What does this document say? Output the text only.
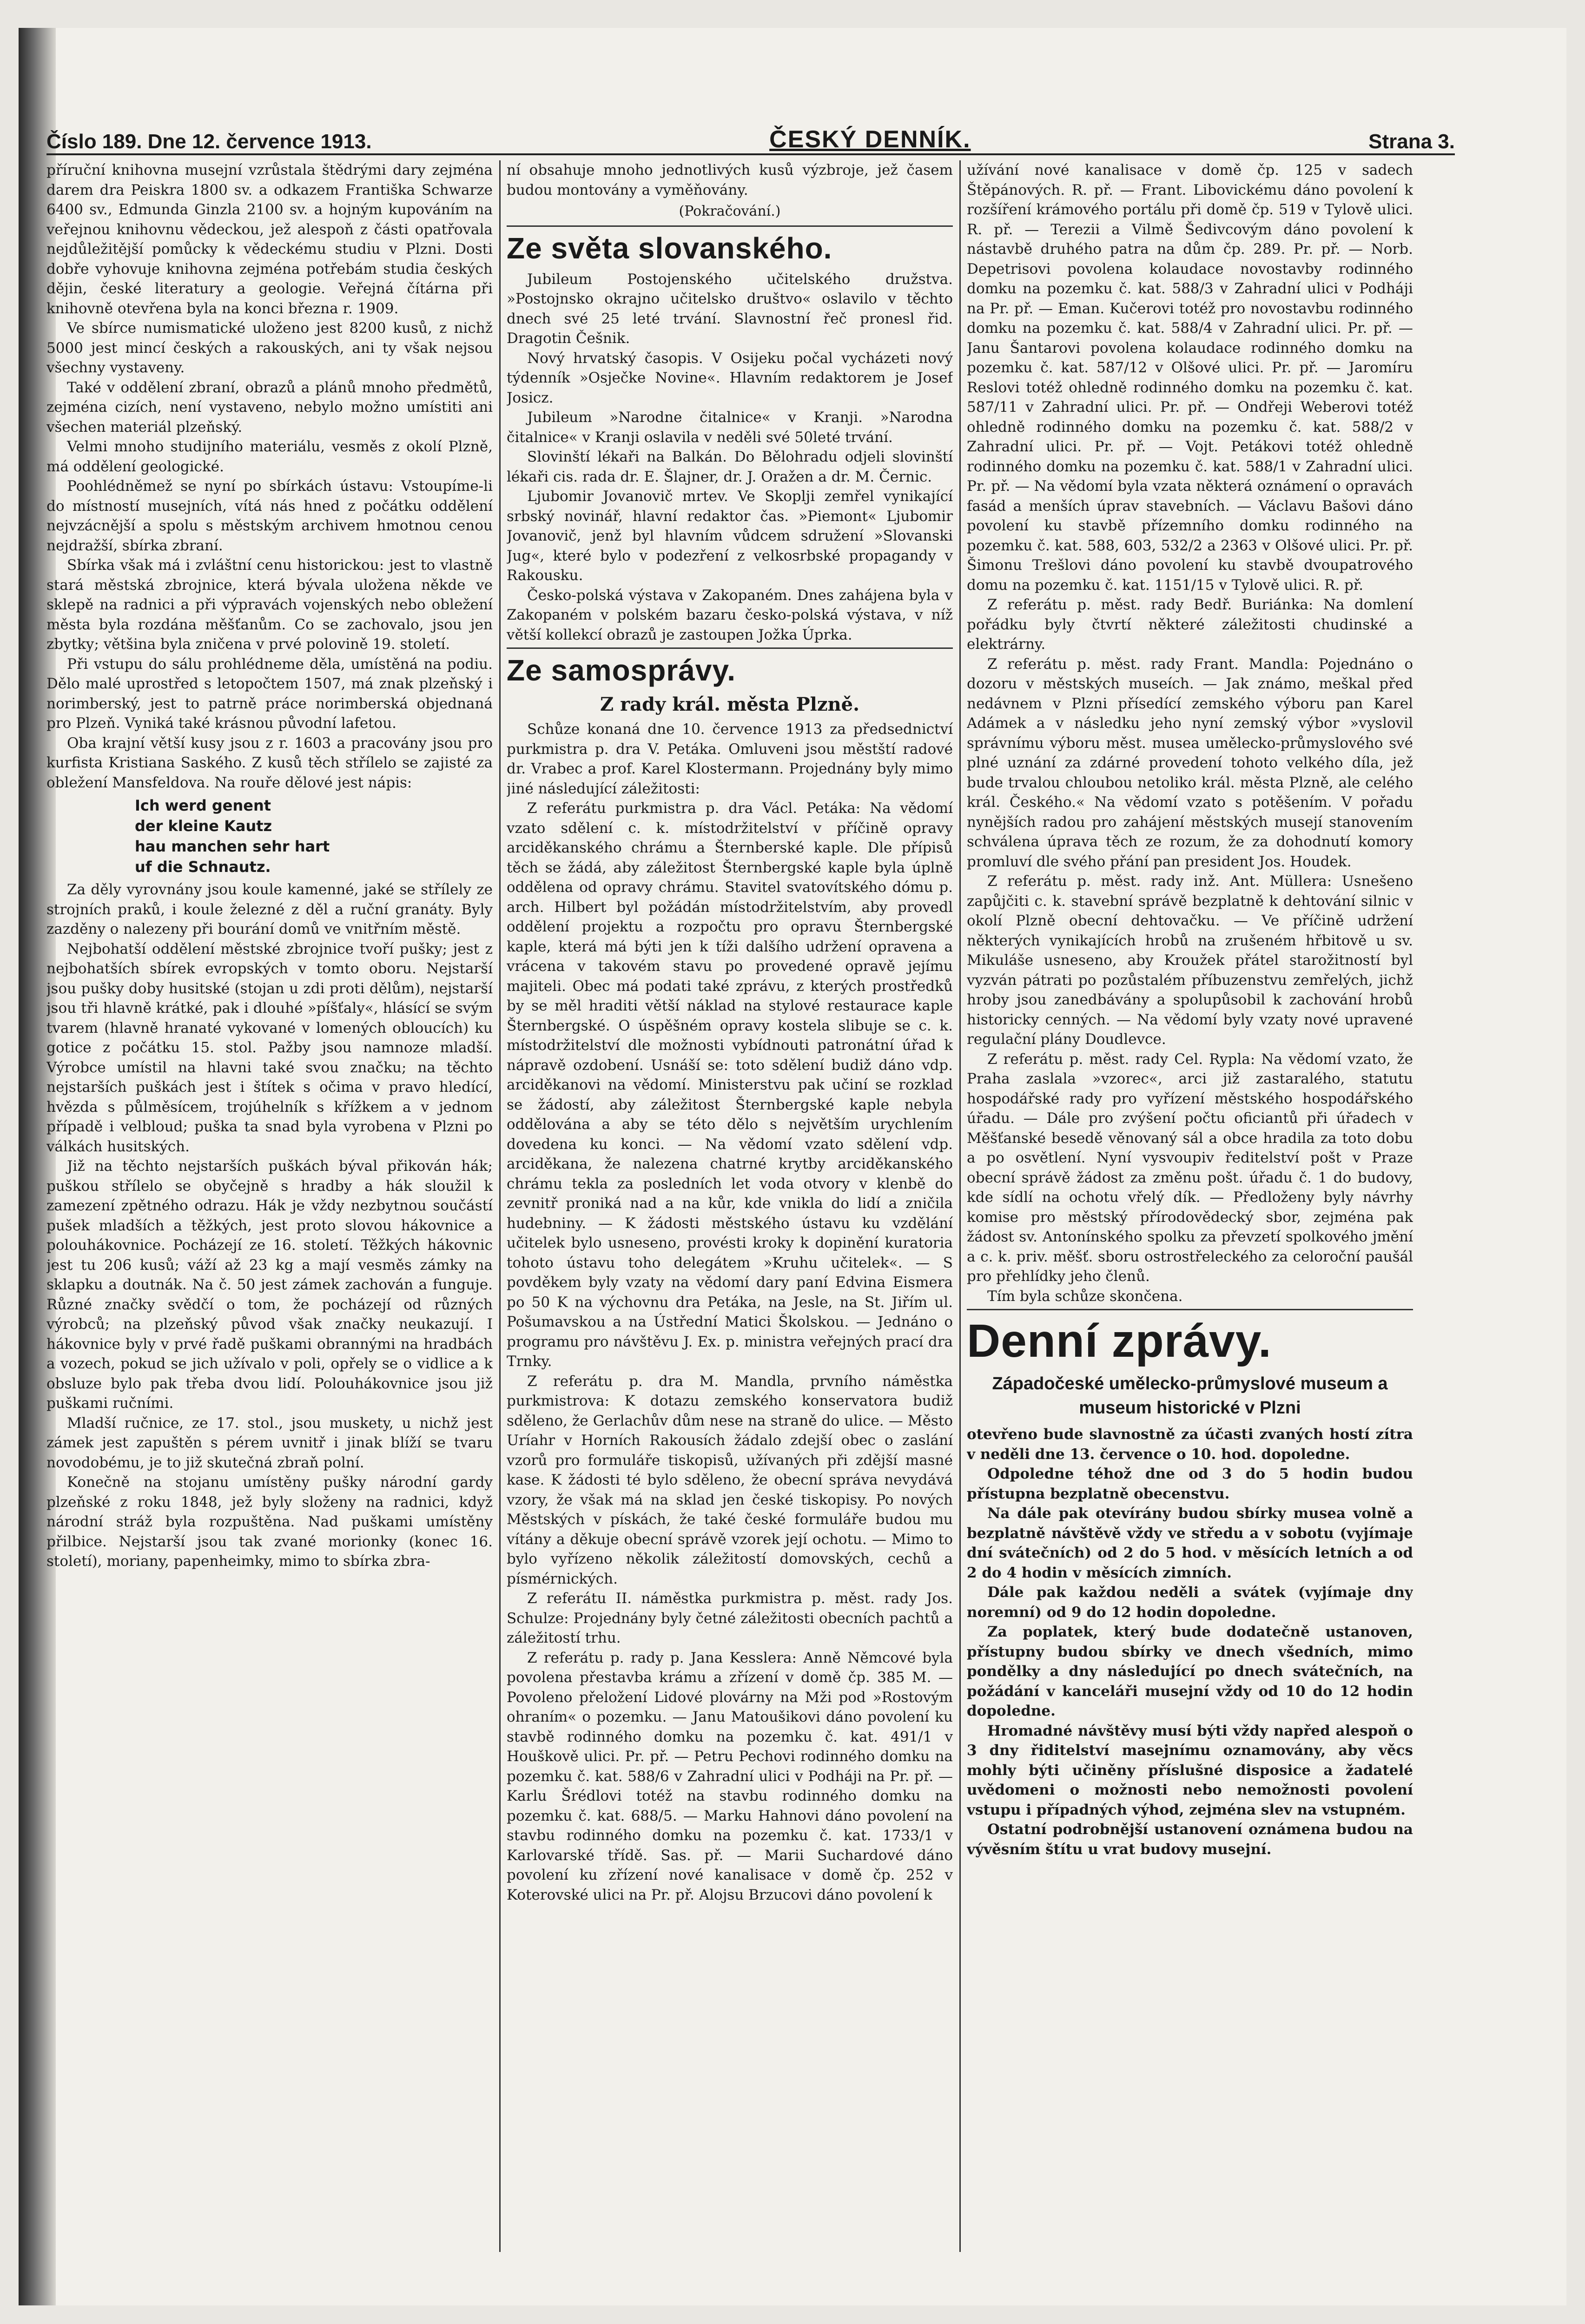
Číslo 189. Dne 12. července 1913.	ČESKÝ DENNÍK.	Strana 3.

příruční knihovna musejní vzrůstala štědrými dary zejména darem dra Peiskra 1800 sv. a odkazem Františka Schwarze 6400 sv., Edmunda Ginzla 2100 sv. a hojným kupováním na veřejnou knihovnu vědeckou, jež alespoň z části opatřovala nejdůležitější pomůcky k vědeckému studiu v Plzni. Dosti dobře vyhovuje knihovna zejména potřebám studia českých dějin, české literatury a geologie. Veřejná čítárna při knihovně otevřena byla na konci března r. 1909.

Ve sbírce numismatické uloženo jest 8200 kusů, z nichž 5000 jest mincí českých a rakouských, ani ty však nejsou všechny vystaveny.

Také v oddělení zbraní, obrazů a plánů mnoho předmětů, zejména cizích, není vystaveno, nebylo možno umístiti ani všechen materiál plzeňský.

Velmi mnoho studijního materiálu, vesměs z okolí Plzně, má oddělení geologické.

Poohlédněmež se nyní po sbírkách ústavu: Vstoupíme-li do místností musejních, vítá nás hned z počátku oddělení nejvzácnější a spolu s městským archivem hmotnou cenou nejdražší, sbírka zbraní.

Sbírka však má i zvláštní cenu historickou: jest to vlastně stará městská zbrojnice, která bývala uložena někde ve sklepě na radnici a při výpravách vojenských nebo obležení města byla rozdána měšťanům. Co se zachovalo, jsou jen zbytky; většina byla zničena v prvé polovině 19. století.

Při vstupu do sálu prohlédneme děla, umístěná na podiu. Dělo malé uprostřed s letopočtem 1507, má znak plzeňský i norimberský, jest to patrně práce norimberská objednaná pro Plzeň. Vyniká také krásnou původní lafetou.

Oba krajní větší kusy jsou z r. 1603 a pracovány jsou pro kurfista Kristiana Saského. Z kusů těch střílelo se zajisté za obležení Mansfeldova. Na rouře dělové jest nápis:

Ich werd genent
der kleine Kautz
hau manchen sehr hart
uf die Schnautz.

Za děly vyrovnány jsou koule kamenné, jaké se střílely ze strojních praků, i koule železné z děl a ruční granáty. Byly zazděny o nalezeny při bourání domů ve vnitřním městě.

Nejbohatší oddělení městské zbrojnice tvoří pušky; jest z nejbohatších sbírek evropských v tomto oboru. Nejstarší jsou pušky doby husitské (stojan u zdi proti dělům), nejstarší jsou tři hlavně krátké, pak i dlouhé »píšťaly«, hlásící se svým tvarem (hlavně hranaté vykované v lomených obloucích) ku gotice z počátku 15. stol. Pažby jsou namnoze mladší. Výrobce umístil na hlavni také svou značku; na těchto nejstarších puškách jest i štítek s očima v pravo hledící, hvězda s půlměsícem, trojúhelník s křížkem a v jednom případě i velbloud; puška ta snad byla vyrobena v Plzni po válkách husitských.

Již na těchto nejstarších puškách býval přikován hák; puškou střílelo se obyčejně s hradby a hák sloužil k zamezení zpětného odrazu. Hák je vždy nezbytnou součástí pušek mladších a těžkých, jest proto slovou hákovnice a polouhákovnice. Pocházejí ze 16. století. Těžkých hákovnic jest tu 206 kusů; váží až 23 kg a mají vesměs zámky na sklapku a doutnák. Na č. 50 jest zámek zachován a funguje. Různé značky svědčí o tom, že pocházejí od různých výrobců; na plzeňský původ však značky neukazují. I hákovnice byly v prvé řadě puškami obrannými na hradbách a vozech, pokud se jich užívalo v poli, opřely se o vidlice a k obsluze bylo pak třeba dvou lidí. Polouhákovnice jsou již puškami ručními.

Mladší ručnice, ze 17. stol., jsou muskety, u nichž jest zámek jest zapuštěn s pérem uvnitř i jinak blíží se tvaru novodobému, je to již skutečná zbraň polní.

Konečně na stojanu umístěny pušky národní gardy plzeňské z roku 1848, jež byly složeny na radnici, když národní stráž byla rozpuštěna. Nad puškami umístěny přilbice. Nejstarší jsou tak zvané morionky (konec 16. století), moriany, papenheimky, mimo to sbírka zbra-

ní obsahuje mnoho jednotlivých kusů výzbroje, jež časem budou montovány a vyměňovány.

(Pokračování.)
Ze světa slovanského.

Jubileum Postojenského učitelského družstva. »Postojnsko okrajno učitelsko društvo« oslavilo v těchto dnech své 25 leté trvání. Slavnostní řeč pronesl řid. Dragotin Češnik.

Nový hrvatský časopis. V Osijeku počal vycházeti nový týdenník »Osječke Novine«. Hlavním redaktorem je Josef Josicz.

Jubileum »Narodne čitalnice« v Kranji. »Narodna čitalnice« v Kranji oslavila v neděli své 50leté trvání.

Slovinští lékaři na Balkán. Do Bělohradu odjeli slovinští lékaři cis. rada dr. E. Šlajner, dr. J. Oražen a dr. M. Černic.

Ljubomir Jovanovič mrtev. Ve Skoplji zemřel vynikající srbský novinář, hlavní redaktor čas. »Piemont« Ljubomir Jovanovič, jenž byl hlavním vůdcem sdružení »Slovanski Jug«, které bylo v podezření z velkosrbské propagandy v Rakousku.

Česko-polská výstava v Zakopaném. Dnes zahájena byla v Zakopaném v polském bazaru česko-polská výstava, v níž větší kollekcí obrazů je zastoupen Jožka Úprka.

Ze samosprávy.
Z rady král. města Plzně.

Schůze konaná dne 10. července 1913 za předsednictví purkmistra p. dra V. Petáka. Omluveni jsou městští radové dr. Vrabec a prof. Karel Klostermann. Projednány byly mimo jiné následující záležitosti:

Z referátu purkmistra p. dra Václ. Petáka: Na vědomí vzato sdělení c. k. místodržitelství v příčině opravy arciděkanského chrámu a Šternberské kaple. Dle přípisů těch se žádá, aby záležitost Šternbergské kaple byla úplně oddělena od opravy chrámu. Stavitel svatovítského dómu p. arch. Hilbert byl požádán místodržitelstvím, aby provedl oddělení projektu a rozpočtu pro opravu Šternbergské kaple, která má býti jen k tíži dalšího udržení opravena a vrácena v takovém stavu po provedené opravě jejímu majiteli. Obec má podati také zprávu, z kterých prostředků by se měl hraditi větší náklad na stylové restaurace kaple Šternbergské. O úspěšném opravy kostela slibuje se c. k. místodržitelství dle možnosti vybídnouti patronátní úřad k nápravě ozdobení. Usnáší se: toto sdělení budiž dáno vdp. arciděkanovi na vědomí. Ministerstvu pak učiní se rozklad se žádostí, aby záležitost Šternbergské kaple nebyla oddělována a aby se této dělo s největším urychlením dovedena ku konci. — Na vědomí vzato sdělení vdp. arciděkana, že nalezena chatrné krytby arciděkanského chrámu tekla za posledních let voda otvory v klenbě do zevnitř proniká nad a na kůr, kde vnikla do lidí a zničila hudebniny. — K žádosti městského ústavu ku vzdělání učitelek bylo usneseno, provésti kroky k dopinění kuratoria tohoto ústavu toho delegátem »Kruhu učitelek«. — S povděkem byly vzaty na vědomí dary paní Edvina Eismera po 50 K na výchovnu dra Petáka, na Jesle, na St. Jiřím ul. Pošumavskou a na Ústřední Matici Školskou. — Jednáno o programu pro návštěvu J. Ex. p. ministra veřejných prací dra Trnky.

Z referátu p. dra M. Mandla, prvního náměstka purkmistrova: K dotazu zemského konservatora budiž sděleno, že Gerlachův dům nese na straně do ulice. — Město Uríahr v Horních Rakousích žádalo zdejší obec o zaslání vzorů pro formuláře tiskopisů, užívaných při zdější masné kase. K žádosti té bylo sděleno, že obecní správa nevydává vzory, že však má na sklad jen české tiskopisy. Po nových Městských v pískách, že také české formuláře budou mu vítány a děkuje obecní správě vzorek její ochotu. — Mimo to bylo vyřízeno několik záležitostí domovských, cechů a písmérnických.

Z referátu II. náměstka purkmistra p. měst. rady Jos. Schulze: Projednány byly četné záležitosti obecních pachtů a záležitostí trhu.

Z referátu p. rady p. Jana Kesslera: Anně Němcové byla povolena přestavba krámu a zřízení v domě čp. 385 M. — Povoleno přeložení Lidové plovárny na Mži pod »Rostovým ohraním« o pozemku. — Janu Matoušikovi dáno povolení ku stavbě rodinného domku na pozemku č. kat. 491/1 v Houškově ulici. Pr. př. — Petru Pechovi rodinného domku na pozemku č. kat. 588/6 v Zahradní ulici v Podháji na Pr. př. — Karlu Šrédlovi totéž na stavbu rodinného domku na pozemku č. kat. 688/5. — Marku Hahnovi dáno povolení na stavbu rodinného domku na pozemku č. kat. 1733/1 v Karlovarské třídě. Sas. př. — Marii Suchardové dáno povolení ku zřízení nové kanalisace v domě čp. 252 v Koterovské ulici na Pr. př. Alojsu Brzucovi dáno povolení k

užívání nové kanalisace v domě čp. 125 v sadech Štěpánových. R. př. — Frant. Libovickému dáno povolení k rozšíření krámového portálu při domě čp. 519 v Tylově ulici. R. př. — Terezii a Vilmě Šedivcovým dáno povolení k nástavbě druhého patra na dům čp. 289. Pr. př. — Norb. Depetrisovi povolena kolaudace novostavby rodinného domku na pozemku č. kat. 588/3 v Zahradní ulici v Podháji na Pr. př. — Eman. Kučerovi totéž pro novostavbu rodinného domku na pozemku č. kat. 588/4 v Zahradní ulici. Pr. př. — Janu Šantarovi povolena kolaudace rodinného domku na pozemku č. kat. 587/12 v Olšové ulici. Pr. př. — Jaromíru Reslovi totéž ohledně rodinného domku na pozemku č. kat. 587/11 v Zahradní ulici. Pr. př. — Ondřeji Weberovi totéž ohledně rodinného domku na pozemku č. kat. 588/2 v Zahradní ulici. Pr. př. — Vojt. Petákovi totéž ohledně rodinného domku na pozemku č. kat. 588/1 v Zahradní ulici. Pr. př. — Na vědomí byla vzata některá oznámení o opravách fasád a menších úprav stavebních. — Václavu Bašovi dáno povolení ku stavbě přízemního domku rodinného na pozemku č. kat. 588, 603, 532/2 a 2363 v Olšové ulici. Pr. př. Šimonu Trešlovi dáno povolení ku stavbě dvoupatrového domu na pozemku č. kat. 1151/15 v Tylově ulici. R. př.

Z referátu p. měst. rady Bedř. Buriánka: Na domlení pořádku byly čtvrtí některé záležitosti chudinské a elektrárny.

Z referátu p. měst. rady Frant. Mandla: Pojednáno o dozoru v městských museích. — Jak známo, meškal před nedávnem v Plzni přísedící zemského výboru pan Karel Adámek a v následku jeho nyní zemský výbor »vyslovil správnímu výboru měst. musea umělecko-průmyslového své plné uznání za zdárné provedení tohoto velkého díla, jež bude trvalou chloubou netoliko král. města Plzně, ale celého král. Českého.« Na vědomí vzato s potěšením. V pořadu nynějších radou pro zahájení městských musejí stanovením schválena úprava těch ze rozum, že za dohodnutí komory promluví dle svého přání pan president Jos. Houdek.

Z referátu p. měst. rady inž. Ant. Müllera: Usnešeno zapůjčiti c. k. stavební správě bezplatně k dehtování silnic v okolí Plzně obecní dehtovačku. — Ve příčině udržení některých vynikajících hrobů na zrušeném hřbitově u sv. Mikuláše usneseno, aby Kroužek přátel starožitností byl vyzván pátrati po pozůstalém příbuzenstvu zemřelých, jichž hroby jsou zanedbávány a spolupůsobil k zachování hrobů historicky cenných. — Na vědomí byly vzaty nové upravené regulační plány Doudlevce.

Z referátu p. měst. rady Cel. Rypla: Na vědomí vzato, že Praha zaslala »vzorec«, arci již zastaralého, statutu hospodářské rady pro vyřízení městského hospodářského úřadu. — Dále pro zvýšení počtu oficiantů při úřadech v Měšťanské besedě věnovaný sál a obce hradila za toto dobu a po osvětlení. Nyní vysvoupiv ředitelství pošt v Praze obecní správě žádost za změnu pošt. úřadu č. 1 do budovy, kde sídlí na ochotu vřelý dík. — Předloženy byly návrhy komise pro městský přírodovědecký sbor, zejména pak žádost sv. Antonínského spolku za převzetí spolkového jmění a c. k. priv. měšť. sboru ostrostřeleckého za celoroční paušál pro přehlídky jeho členů.

Tím byla schůze skončena.

Denní zprávy.
Západočeské umělecko-průmyslové museum a museum historické v Plzni

otevřeno bude slavnostně za účasti zvaných hostí zítra v neděli dne 13. července o 10. hod. dopoledne.

Odpoledne téhož dne od 3 do 5 hodin budou přístupna bezplatně obecenstvu.

Na dále pak otevírány budou sbírky musea volně a bezplatně návštěvě vždy ve středu a v sobotu (vyjímaje dní svátečních) od 2 do 5 hod. v měsících letních a od 2 do 4 hodin v měsících zimních.

Dále pak každou neděli a svátek (vyjímaje dny noremní) od 9 do 12 hodin dopoledne.

Za poplatek, který bude dodatečně ustanoven, přístupny budou sbírky ve dnech všedních, mimo pondělky a dny následující po dnech svátečních, na požádání v kanceláři musejní vždy od 10 do 12 hodin dopoledne.

Hromadné návštěvy musí býti vždy napřed alespoň o 3 dny řiditelství masejnímu oznamovány, aby věcs mohly býti učiněny příslušné disposice a žadatelé uvědomeni o možnosti nebo nemožnosti povolení vstupu i případných výhod, zejména slev na vstupném.

Ostatní podrobnější ustanovení oznámena budou na vývěsním štítu u vrat budovy musejní.
